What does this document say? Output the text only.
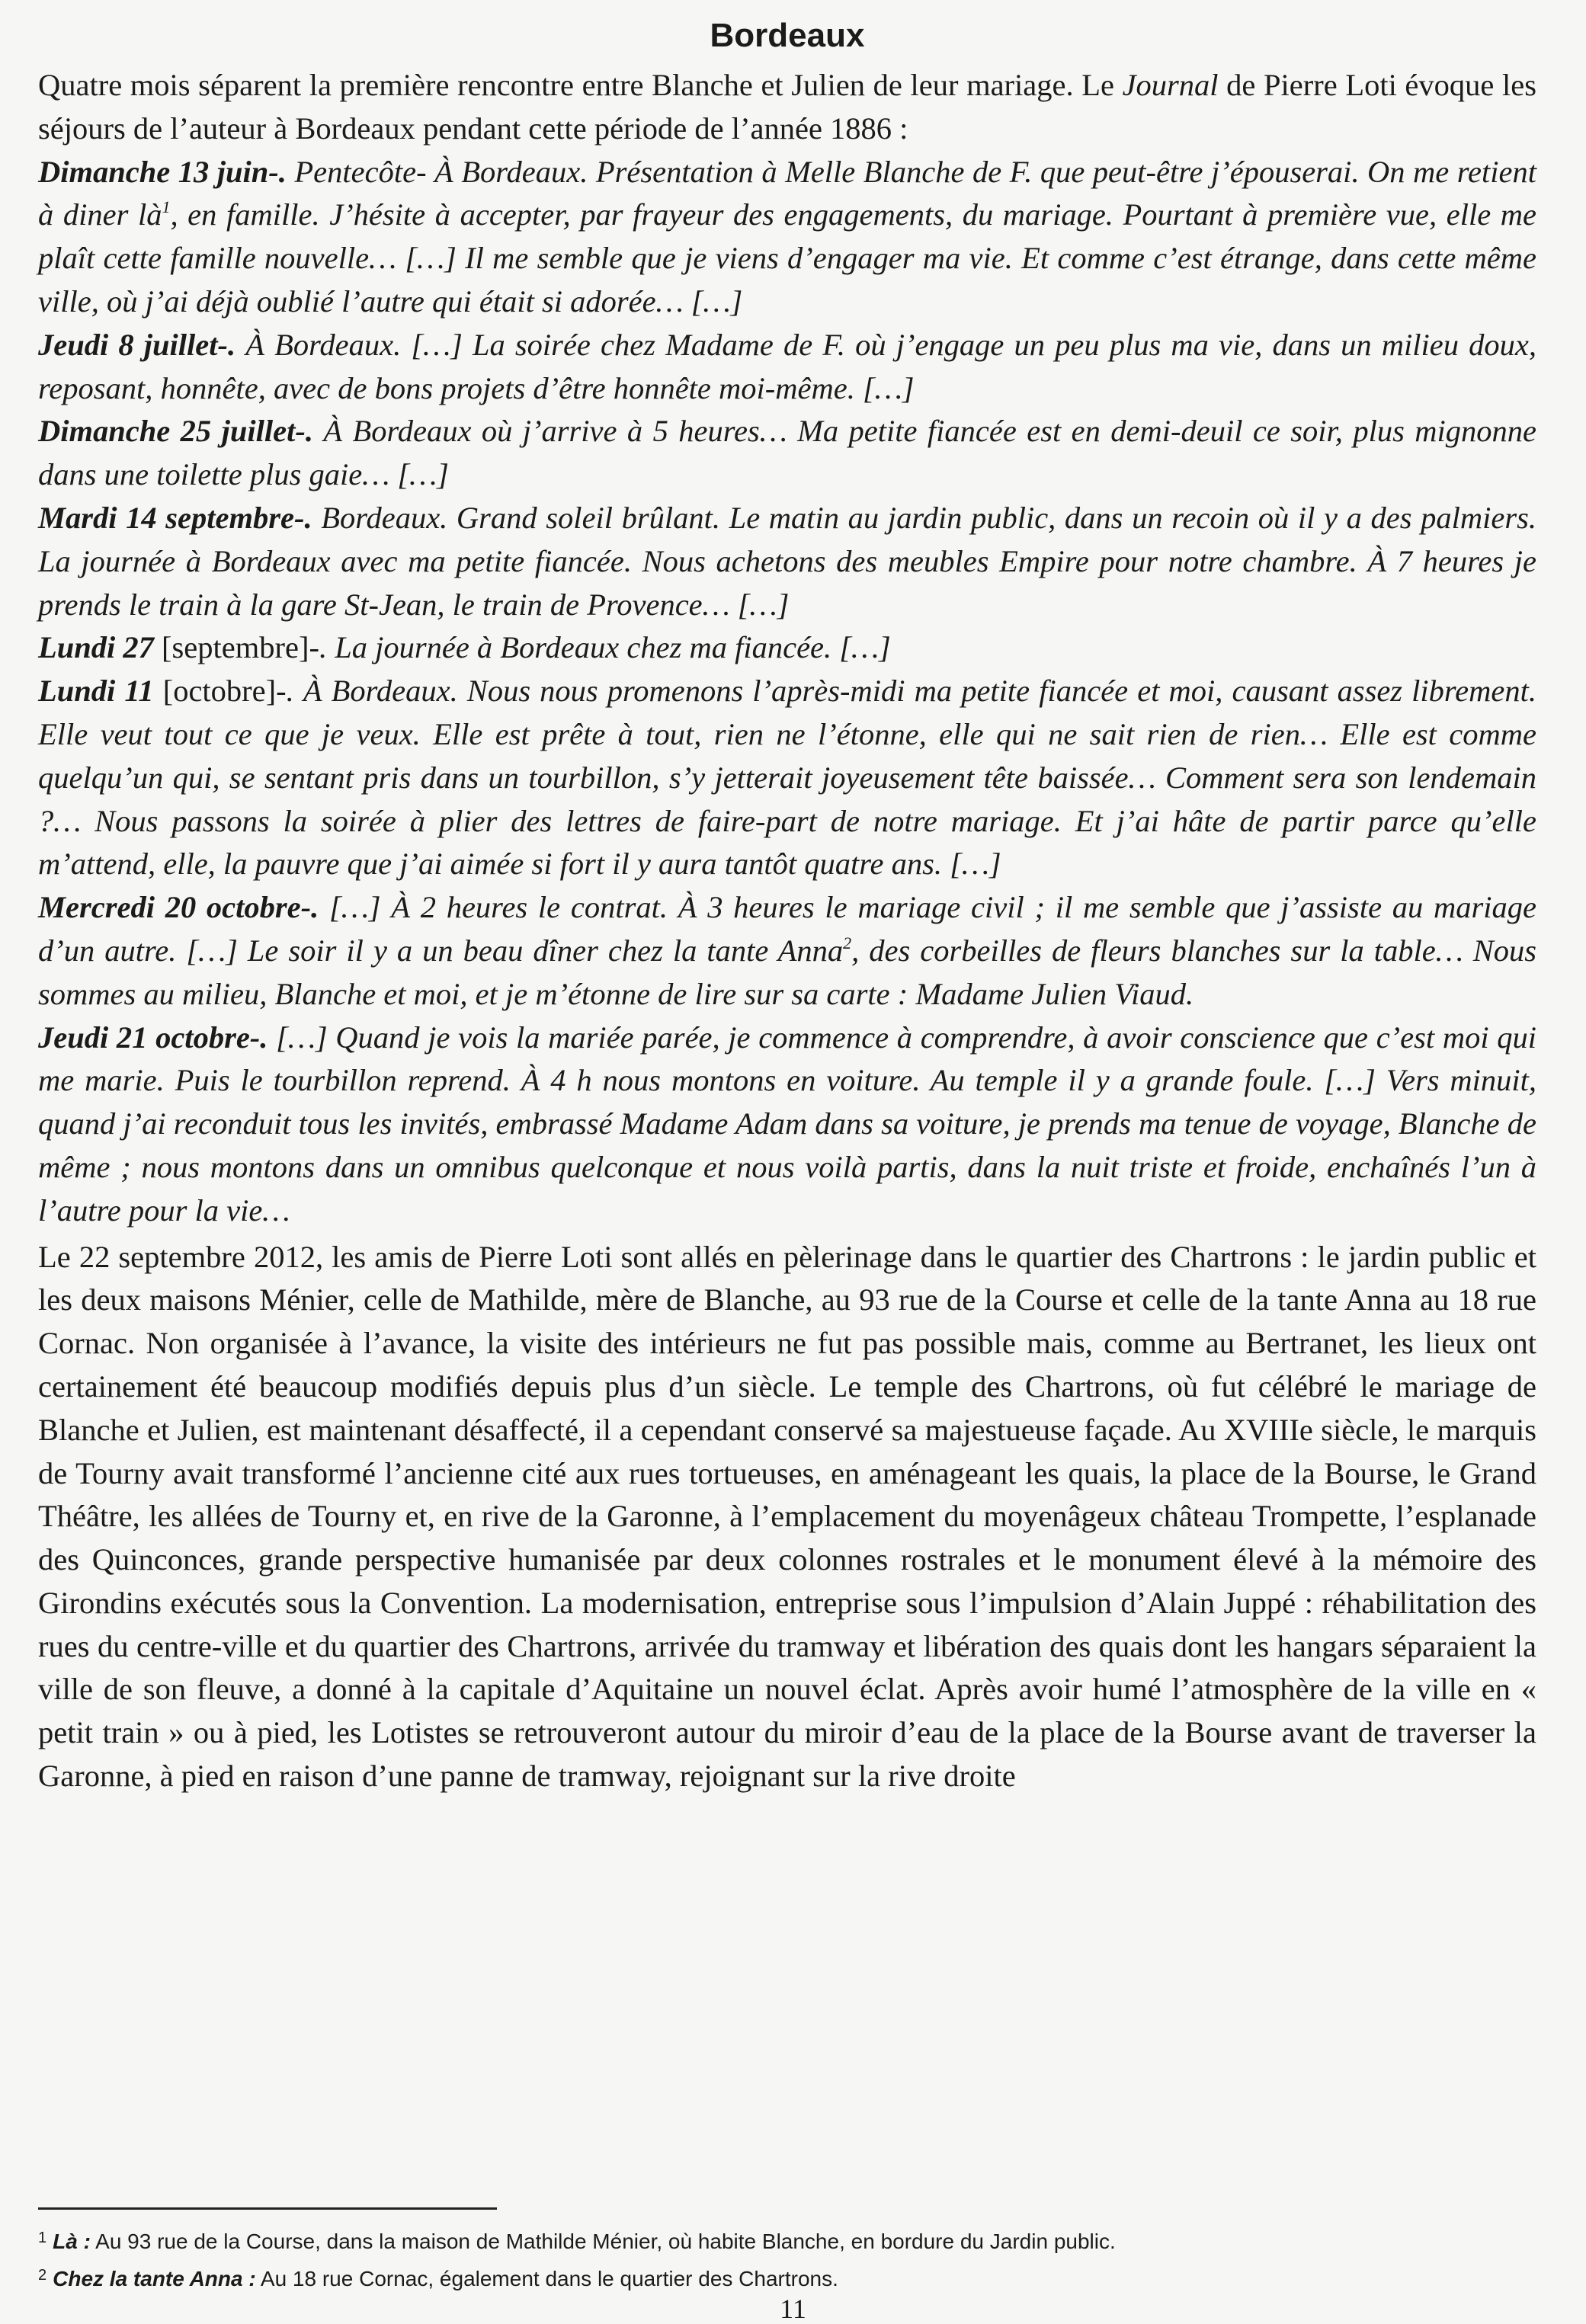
Bordeaux

Quatre mois séparent la première rencontre entre Blanche et Julien de leur mariage. Le Journal de Pierre Loti évoque les séjours de l’auteur à Bordeaux pendant cette période de l’année 1886 :

Dimanche 13 juin-. Pentecôte- À Bordeaux. Présentation à Melle Blanche de F. que peut-être j’épouserai. On me retient à diner $là^1$, en famille. J’hésite à accepter, par frayeur des engagements, du mariage. Pourtant à première vue, elle me plaît cette famille nouvelle… […] Il me semble que je viens d’engager ma vie. Et comme c’est étrange, dans cette même ville, où j’ai déjà oublié l’autre qui était si adorée… […]

Jeudi 8 juillet-. À Bordeaux. […] La soirée chez Madame de F. où j’engage un peu plus ma vie, dans un milieu doux, reposant, honnête, avec de bons projets d’être honnête moi-même. […]

Dimanche 25 juillet-. À Bordeaux où j’arrive à 5 heures… Ma petite fiancée est en demi-deuil ce soir, plus mignonne dans une toilette plus gaie… […]

Mardi 14 septembre-. Bordeaux. Grand soleil brûlant. Le matin au jardin public, dans un recoin où il y a des palmiers. La journée à Bordeaux avec ma petite fiancée. Nous achetons des meubles Empire pour notre chambre. À 7 heures je prends le train à la gare St-Jean, le train de Provence… […]

Lundi 27 [septembre]-. La journée à Bordeaux chez ma fiancée. […]

Lundi 11 [octobre]-. À Bordeaux. Nous nous promenons l’après-midi ma petite fiancée et moi, causant assez librement. Elle veut tout ce que je veux. Elle est prête à tout, rien ne l’étonne, elle qui ne sait rien de rien… Elle est comme quelqu’un qui, se sentant pris dans un tourbillon, s’y jetterait joyeusement tête baissée… Comment sera son lendemain ?… Nous passons la soirée à plier des lettres de faire-part de notre mariage. Et j’ai hâte de partir parce qu’elle m’attend, elle, la pauvre que j’ai aimée si fort il y aura tantôt quatre ans. […]

Mercredi 20 octobre-. […] À 2 heures le contrat. À 3 heures le mariage civil ; il me semble que j’assiste au mariage d’un autre. […] Le soir il y a un beau dîner chez la tante Anna$^2$, des corbeilles de fleurs blanches sur la table… Nous sommes au milieu, Blanche et moi, et je m’étonne de lire sur sa carte : Madame Julien Viaud.

Jeudi 21 octobre-. […] Quand je vois la mariée parée, je commence à comprendre, à avoir conscience que c’est moi qui me marie. Puis le tourbillon reprend. À 4 h nous montons en voiture. Au temple il y a grande foule. […] Vers minuit, quand j’ai reconduit tous les invités, embrassé Madame Adam dans sa voiture, je prends ma tenue de voyage, Blanche de même ; nous montons dans un omnibus quelconque et nous voilà partis, dans la nuit triste et froide, enchaînés l’un à l’autre pour la vie…

Le 22 septembre 2012, les amis de Pierre Loti sont allés en pèlerinage dans le quartier des Chartrons : le jardin public et les deux maisons Ménier, celle de Mathilde, mère de Blanche, au 93 rue de la Course et celle de la tante Anna au 18 rue Cornac. Non organisée à l’avance, la visite des intérieurs ne fut pas possible mais, comme au Bertranet, les lieux ont certainement été beaucoup modifiés depuis plus d’un siècle. Le temple des Chartrons, où fut célébré le mariage de Blanche et Julien, est maintenant désaffecté, il a cependant conservé sa majestueuse façade. Au XVIIIe siècle, le marquis de Tourny avait transformé l’ancienne cité aux rues tortueuses, en aménageant les quais, la place de la Bourse, le Grand Théâtre, les allées de Tourny et, en rive de la Garonne, à l’emplacement du moyenâgeux château Trompette, l’esplanade des Quinconces, grande perspective humanisée par deux colonnes rostrales et le monument élevé à la mémoire des Girondins exécutés sous la Convention. La modernisation, entreprise sous l’impulsion d’Alain Juppé : réhabilitation des rues du centre-ville et du quartier des Chartrons, arrivée du tramway et libération des quais dont les hangars séparaient la ville de son fleuve, a donné à la capitale d’Aquitaine un nouvel éclat. Après avoir humé l’atmosphère de la ville en « petit train » ou à pied, les Lotistes se retrouveront autour du miroir d’eau de la place de la Bourse avant de traverser la Garonne, à pied en raison d’une panne de tramway, rejoignant sur la rive droite

$^1$ Là : Au 93 rue de la Course, dans la maison de Mathilde Ménier, où habite Blanche, en bordure du Jardin public.

$^2$ Chez la tante Anna : Au 18 rue Cornac, également dans le quartier des Chartrons.

11
